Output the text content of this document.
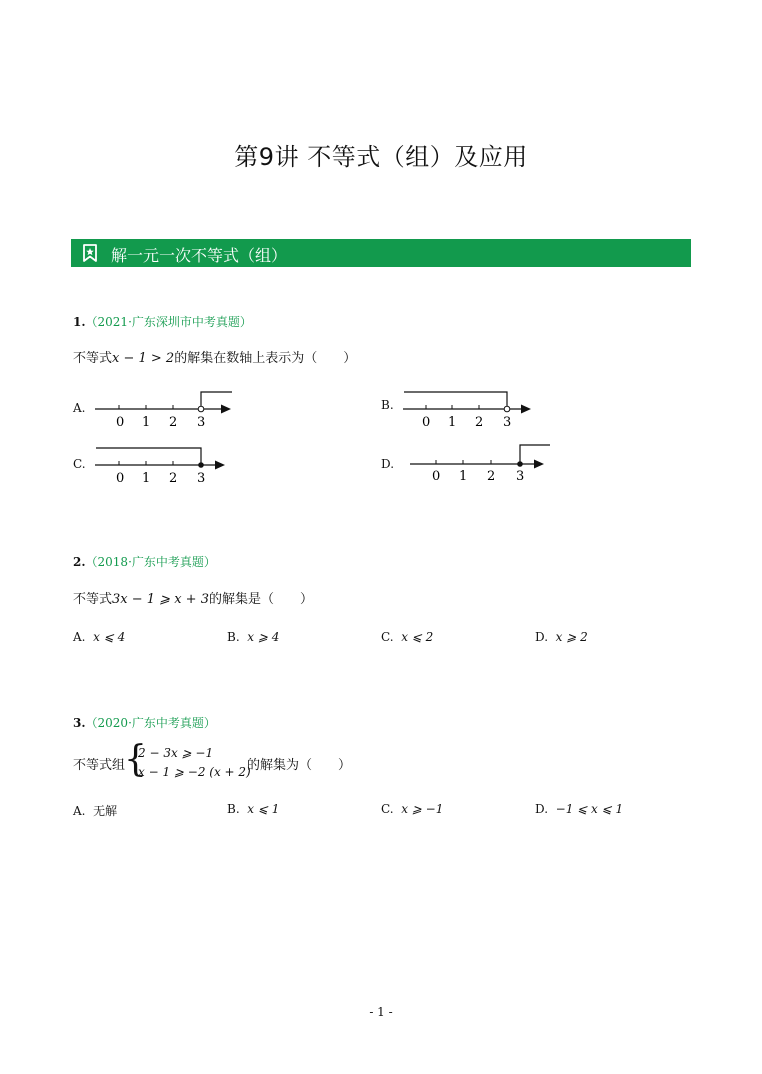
第9讲 不等式（组）及应用
解一元一次不等式（组）
1.（2021·广东深圳市中考真题）
不等式x − 1 > 2的解集在数轴上表示为（　　）
A.
0 1 2 3
B.
0 1 2 3
C.
0 1 2 3
D.
0 1 2 3
2.（2018·广东中考真题）
不等式3x − 1 ⩾ x + 3的解集是（　　）
A. x ⩽ 4	B. x ⩾ 4	C. x ⩽ 2	D. x ⩾ 2
3.（2020·广东中考真题）
不等式组
{
2 − 3x ⩾ −1
x − 1 ⩾ −2 (x + 2)
的解集为（　　）
A. 无解	B. x ⩽ 1	C. x ⩾ −1	D. −1 ⩽ x ⩽ 1
- 1 -
